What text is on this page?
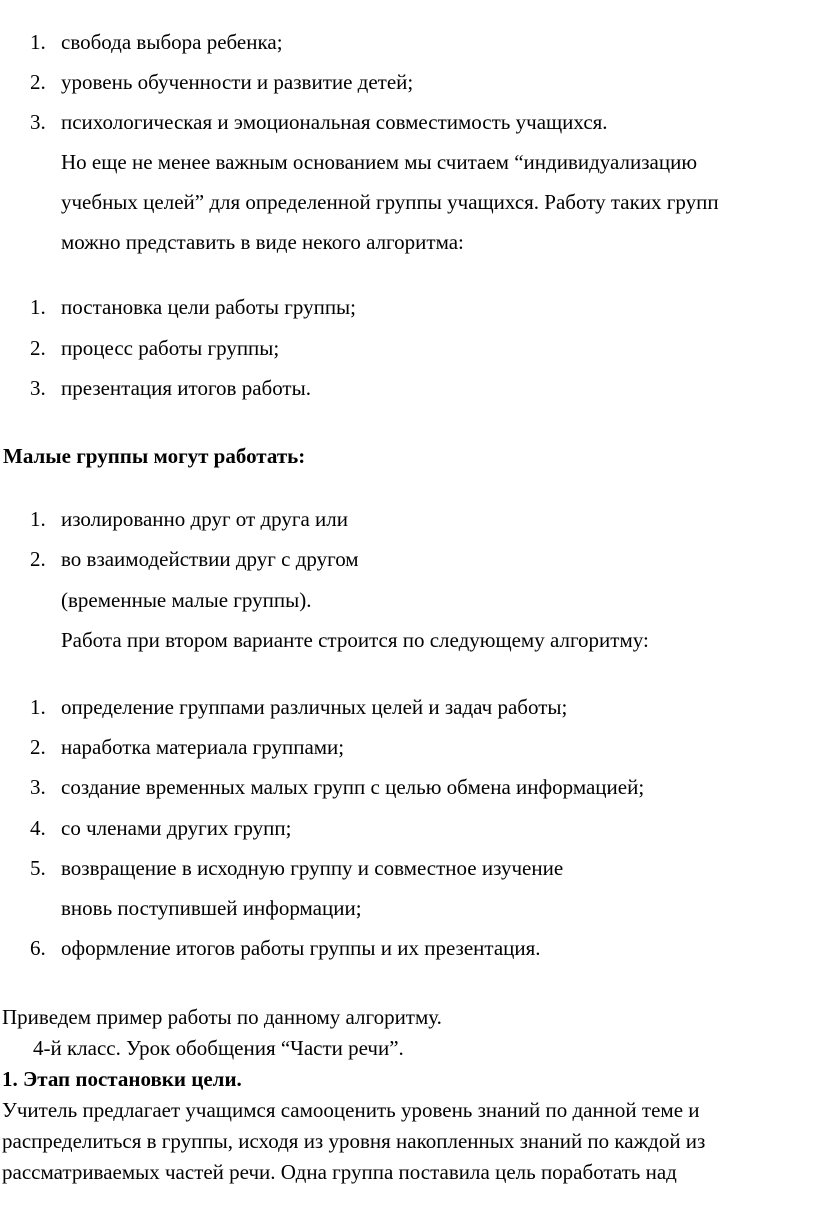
1. свобода выбора ребенка;
2. уровень обученности и развитие детей;
3. психологическая и эмоциональная совместимость учащихся.
Но еще не менее важным основанием мы считаем “индивидуализацию
учебных целей” для определенной группы учащихся. Работу таких групп
можно представить в виде некого алгоритма:
1. постановка цели работы группы;
2. процесс работы группы;
3. презентация итогов работы.
Малые группы могут работать:
1. изолированно друг от друга или
2. во взаимодействии друг с другом
(временные малые группы).
Работа при втором варианте строится по следующему алгоритму:
1. определение группами различных целей и задач работы;
2. наработка материала группами;
3. создание временных малых групп с целью обмена информацией;
4. со членами других групп;
5. возвращение в исходную группу и совместное изучение
вновь поступившей информации;
6. оформление итогов работы группы и их презентация.
Приведем пример работы по данному алгоритму.
4-й класс. Урок обобщения “Части речи”.
1. Этап постановки цели.
Учитель предлагает учащимся самооценить уровень знаний по данной теме и
распределиться в группы, исходя из уровня накопленных знаний по каждой из
рассматриваемых частей речи. Одна группа поставила цель поработать над
